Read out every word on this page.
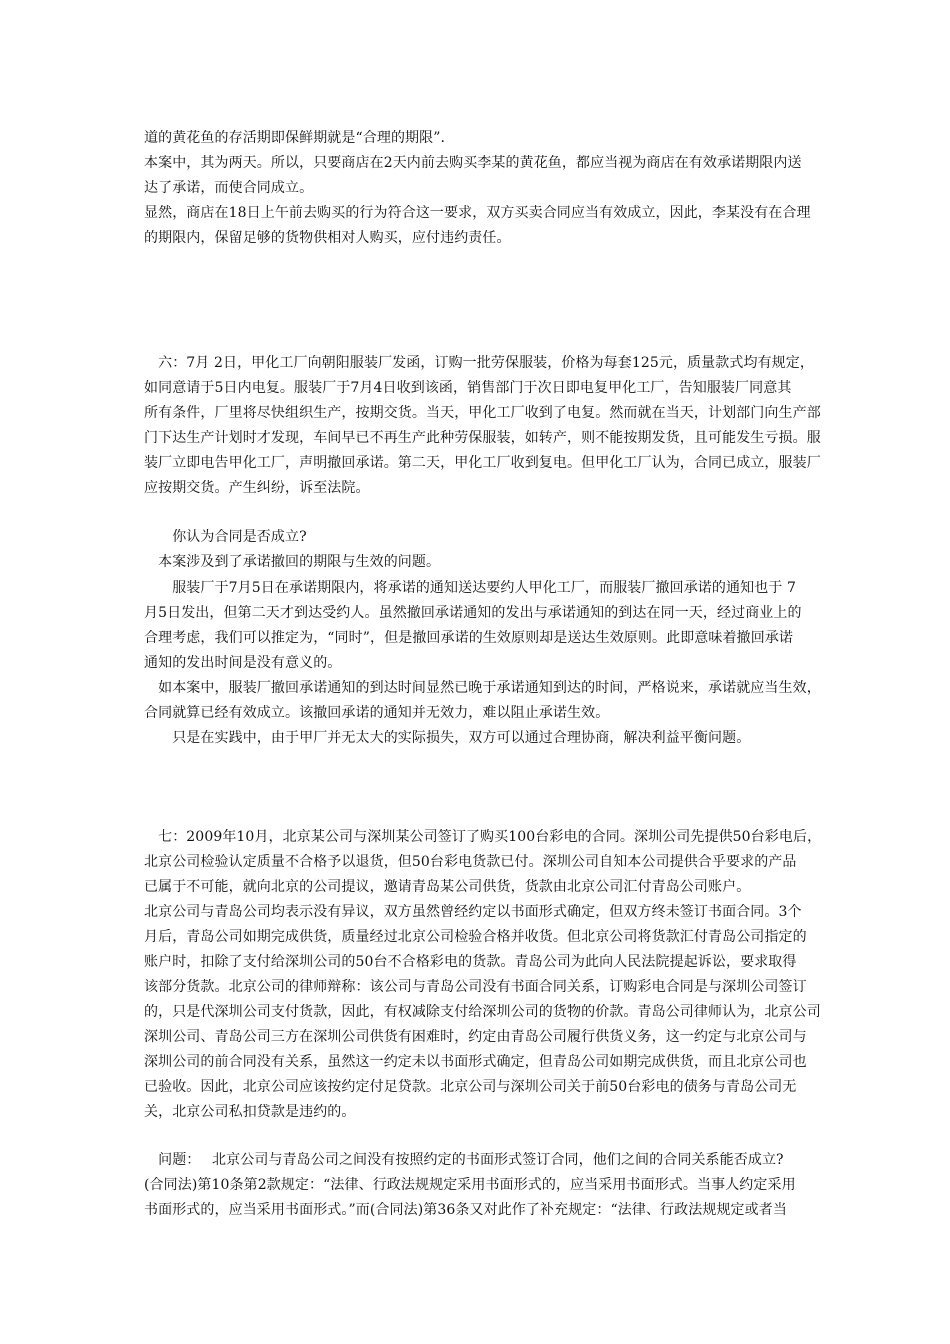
道的黄花鱼的存活期即保鲜期就是“合理的期限”.
本案中，其为两天。所以，只要商店在2天内前去购买李某的黄花鱼，都应当视为商店在有效承诺期限内送
达了承诺，而使合同成立。
显然，商店在18日上午前去购买的行为符合这一要求，双方买卖合同应当有效成立，因此，李某没有在合理
的期限内，保留足够的货物供相对人购买，应付违约责任。
　六：7月 2日，甲化工厂向朝阳服装厂发函，订购一批劳保服装，价格为每套125元，质量款式均有规定，
如同意请于5日内电复。服装厂于7月4日收到该函，销售部门于次日即电复甲化工厂，告知服装厂同意其
所有条件，厂里将尽快组织生产，按期交货。当天，甲化工厂收到了电复。然而就在当天，计划部门向生产部
门下达生产计划时才发现，车间早已不再生产此种劳保服装，如转产，则不能按期发货，且可能发生亏损。服
装厂立即电告甲化工厂，声明撤回承诺。第二天，甲化工厂收到复电。但甲化工厂认为，合同已成立，服装厂
应按期交货。产生纠纷，诉至法院。
　　你认为合同是否成立?
　本案涉及到了承诺撤回的期限与生效的问题。
　　服装厂于7月5日在承诺期限内，将承诺的通知送达要约人甲化工厂，而服装厂撤回承诺的通知也于 7
月5日发出，但第二天才到达受约人。虽然撤回承诺通知的发出与承诺通知的到达在同一天，经过商业上的
合理考虑，我们可以推定为，“同时”，但是撤回承诺的生效原则却是送达生效原则。此即意味着撤回承诺
通知的发出时间是没有意义的。
　如本案中，服装厂撤回承诺通知的到达时间显然已晚于承诺通知到达的时间，严格说来，承诺就应当生效，
合同就算已经有效成立。该撤回承诺的通知并无效力，难以阻止承诺生效。
　　只是在实践中，由于甲厂并无太大的实际损失，双方可以通过合理协商，解决利益平衡问题。
　七：2009年10月，北京某公司与深圳某公司签订了购买100台彩电的合同。深圳公司先提供50台彩电后，
北京公司检验认定质量不合格予以退货，但50台彩电货款已付。深圳公司自知本公司提供合乎要求的产品
已属于不可能，就向北京的公司提议，邀请青岛某公司供货，货款由北京公司汇付青岛公司账户。
北京公司与青岛公司均表示没有异议，双方虽然曾经约定以书面形式确定，但双方终未签订书面合同。3个
月后，青岛公司如期完成供货，质量经过北京公司检验合格并收货。但北京公司将货款汇付青岛公司指定的
账户时，扣除了支付给深圳公司的50台不合格彩电的货款。青岛公司为此向人民法院提起诉讼，要求取得
该部分货款。北京公司的律师辩称：该公司与青岛公司没有书面合同关系，订购彩电合同是与深圳公司签订
的，只是代深圳公司支付货款，因此，有权减除支付给深圳公司的货物的价款。青岛公司律师认为，北京公司
深圳公司、青岛公司三方在深圳公司供货有困难时，约定由青岛公司履行供货义务，这一约定与北京公司与
深圳公司的前合同没有关系，虽然这一约定未以书面形式确定，但青岛公司如期完成供货，而且北京公司也
已验收。因此，北京公司应该按约定付足贷款。北京公司与深圳公司关于前50台彩电的债务与青岛公司无
关，北京公司私扣贷款是违约的。
　问题：　 北京公司与青岛公司之间没有按照约定的书面形式签订合同，他们之间的合同关系能否成立?
(合同法)第10条第2款规定：“法律、行政法规规定采用书面形式的，应当采用书面形式。当事人约定采用
书面形式的，应当采用书面形式。”而(合同法)第36条又对此作了补充规定：“法律、行政法规规定或者当
